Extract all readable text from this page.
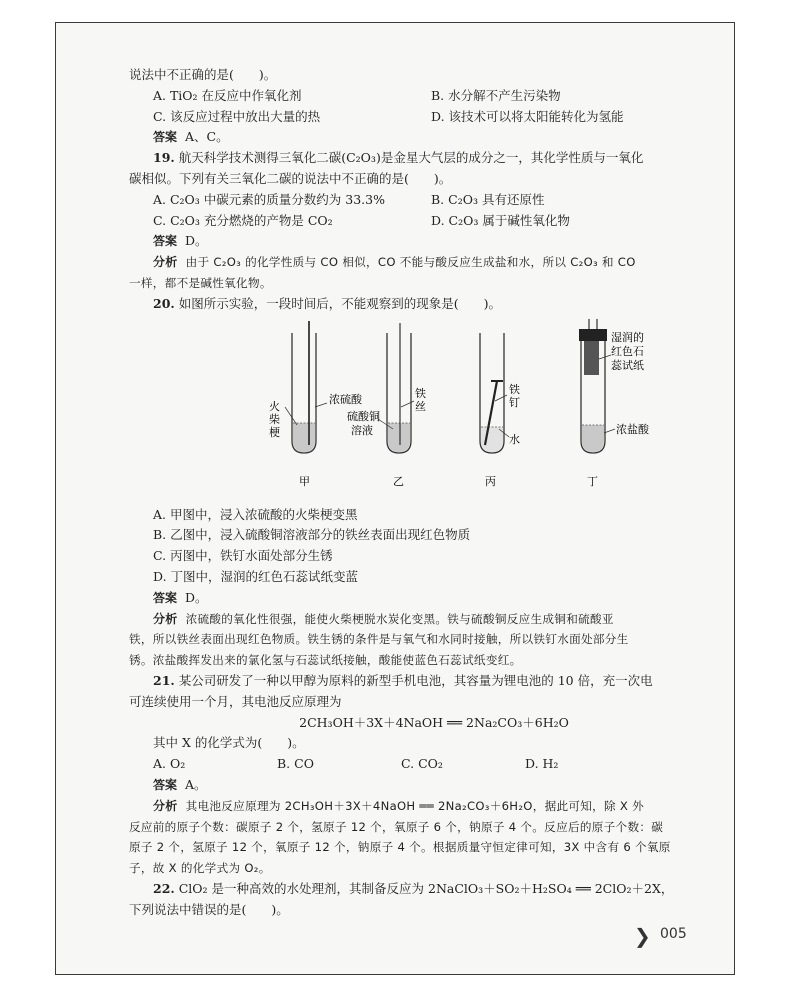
说法中不正确的是(　　)。
A. TiO₂ 在反应中作氧化剂	B. 水分解不产生污染物
C. 该反应过程中放出大量的热	D. 该技术可以将太阳能转化为氢能
答案 A、C。
19. 航天科学技术测得三氧化二碳(C₂O₃)是金星大气层的成分之一，其化学性质与一氧化
碳相似。下列有关三氧化二碳的说法中不正确的是(　　)。
A. C₂O₃ 中碳元素的质量分数约为 33.3%	B. C₂O₃ 具有还原性
C. C₂O₃ 充分燃烧的产物是 CO₂	D. C₂O₃ 属于碱性氧化物
答案 D。
分析 由于 C₂O₃ 的化学性质与 CO 相似，CO 不能与酸反应生成盐和水，所以 C₂O₃ 和 CO
一样，都不是碱性氧化物。
20. 如图所示实验，一段时间后，不能观察到的现象是(　　)。
火
柴
梗
浓硫酸
甲
硫酸铜
溶液
铁
丝
乙
铁
钉
水
丙
湿润的
红色石
蕊试纸
浓盐酸
丁
A. 甲图中，浸入浓硫酸的火柴梗变黑
B. 乙图中，浸入硫酸铜溶液部分的铁丝表面出现红色物质
C. 丙图中，铁钉水面处部分生锈
D. 丁图中，湿润的红色石蕊试纸变蓝
答案 D。
分析 浓硫酸的氧化性很强，能使火柴梗脱水炭化变黑。铁与硫酸铜反应生成铜和硫酸亚
铁，所以铁丝表面出现红色物质。铁生锈的条件是与氧气和水同时接触，所以铁钉水面处部分生
锈。浓盐酸挥发出来的氯化氢与石蕊试纸接触，酸能使蓝色石蕊试纸变红。
21. 某公司研发了一种以甲醇为原料的新型手机电池，其容量为锂电池的 10 倍，充一次电
可连续使用一个月，其电池反应原理为
2CH₃OH＋3X＋4NaOH ══ 2Na₂CO₃＋6H₂O
其中 X 的化学式为(　　)。
A. O₂	B. CO	C. CO₂	D. H₂
答案 A。
分析 其电池反应原理为 2CH₃OH＋3X＋4NaOH ══ 2Na₂CO₃＋6H₂O，据此可知，除 X 外
反应前的原子个数：碳原子 2 个，氢原子 12 个，氧原子 6 个，钠原子 4 个。反应后的原子个数：碳
原子 2 个，氢原子 12 个，氧原子 12 个，钠原子 4 个。根据质量守恒定律可知，3X 中含有 6 个氧原
子，故 X 的化学式为 O₂。
22. ClO₂ 是一种高效的水处理剂，其制备反应为 2NaClO₃＋SO₂＋H₂SO₄ ══ 2ClO₂＋2X，
下列说法中错误的是(　　)。
❯ 005
